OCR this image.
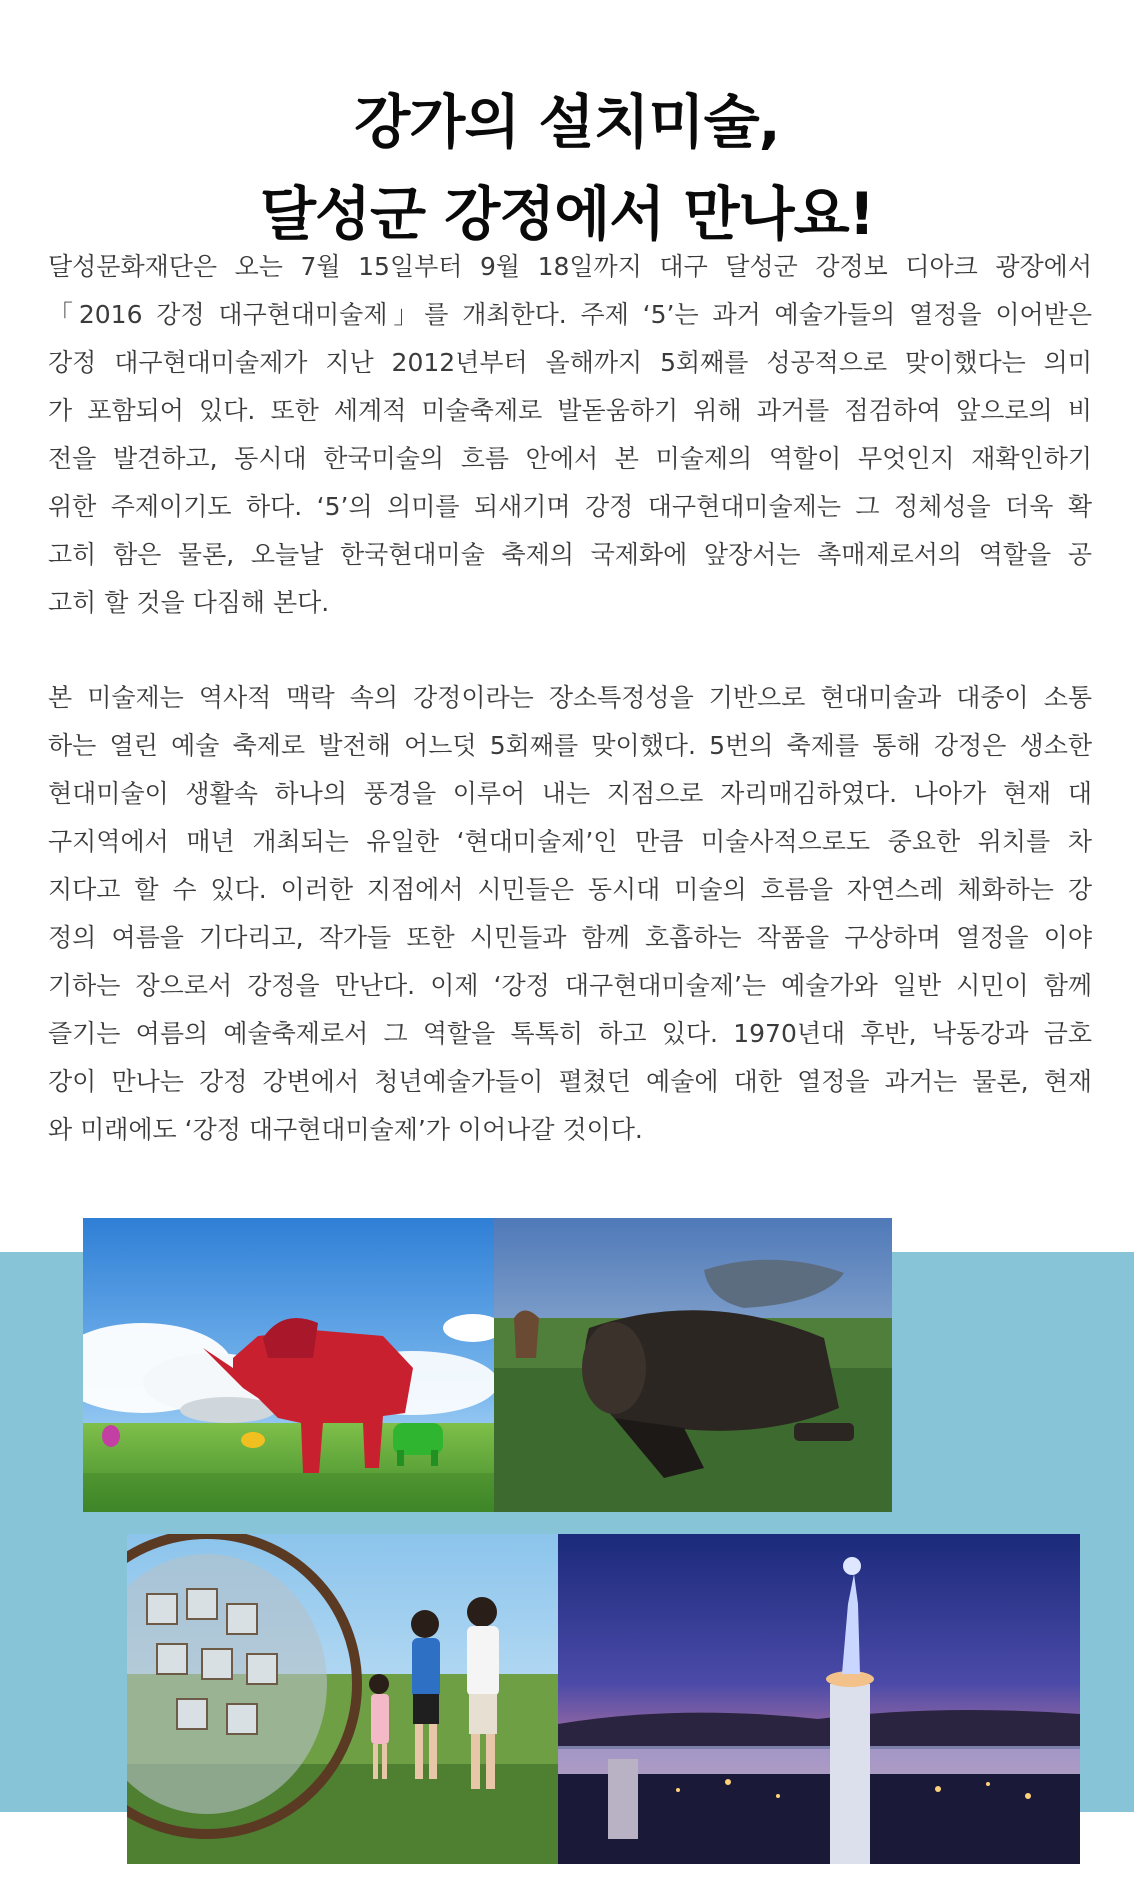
강가의 설치미술,
달성군 강정에서 만나요!
달성문화재단은 오는 7월 15일부터 9월 18일까지 대구 달성군 강정보 디아크 광장에서
「2016 강정 대구현대미술제」를 개최한다. 주제 ‘5’는 과거 예술가들의 열정을 이어받은
강정 대구현대미술제가 지난 2012년부터 올해까지 5회째를 성공적으로 맞이했다는 의미
가 포함되어 있다. 또한 세계적 미술축제로 발돋움하기 위해 과거를 점검하여 앞으로의 비
전을 발견하고, 동시대 한국미술의 흐름 안에서 본 미술제의 역할이 무엇인지 재확인하기
위한 주제이기도 하다. ‘5’의 의미를 되새기며 강정 대구현대미술제는 그 정체성을 더욱 확
고히 함은 물론, 오늘날 한국현대미술 축제의 국제화에 앞장서는 촉매제로서의 역할을 공
고히 할 것을 다짐해 본다.
본 미술제는 역사적 맥락 속의 강정이라는 장소특정성을 기반으로 현대미술과 대중이 소통
하는 열린 예술 축제로 발전해 어느덧 5회째를 맞이했다. 5번의 축제를 통해 강정은 생소한
현대미술이 생활속 하나의 풍경을 이루어 내는 지점으로 자리매김하였다. 나아가 현재 대
구지역에서 매년 개최되는 유일한 ‘현대미술제’인 만큼 미술사적으로도 중요한 위치를 차
지다고 할 수 있다. 이러한 지점에서 시민들은 동시대 미술의 흐름을 자연스레 체화하는 강
정의 여름을 기다리고, 작가들 또한 시민들과 함께 호흡하는 작품을 구상하며 열정을 이야
기하는 장으로서 강정을 만난다. 이제 ‘강정 대구현대미술제’는 예술가와 일반 시민이 함께
즐기는 여름의 예술축제로서 그 역할을 톡톡히 하고 있다. 1970년대 후반, 낙동강과 금호
강이 만나는 강정 강변에서 청년예술가들이 펼쳤던 예술에 대한 열정을 과거는 물론, 현재
와 미래에도 ‘강정 대구현대미술제’가 이어나갈 것이다.
